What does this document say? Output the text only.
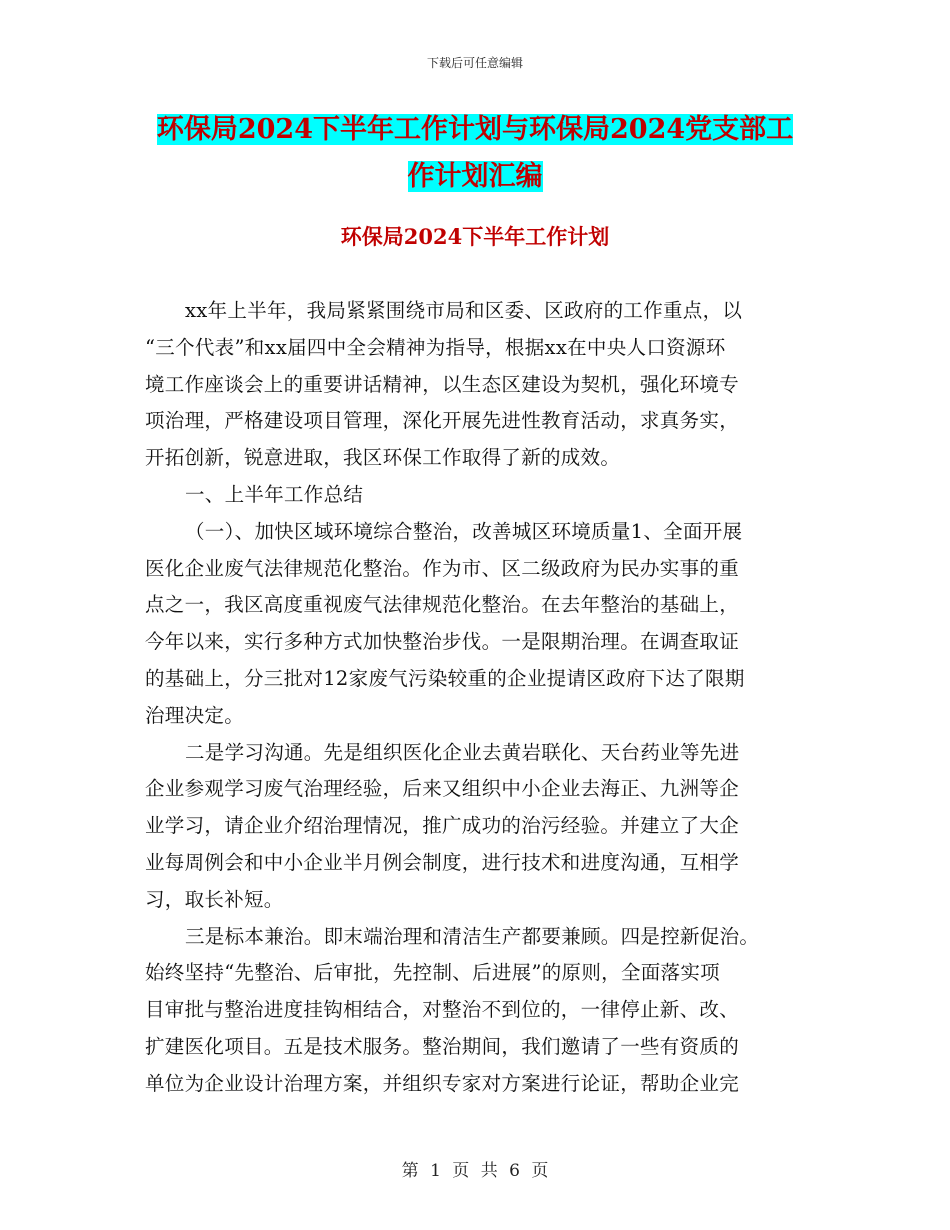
下载后可任意编辑
环保局2024下半年工作计划与环保局2024党支部工
作计划汇编
环保局2024下半年工作计划
xx年上半年，我局紧紧围绕市局和区委、区政府的工作重点，以
“三个代表”和xx届四中全会精神为指导，根据xx在中央人口资源环
境工作座谈会上的重要讲话精神，以生态区建设为契机，强化环境专
项治理，严格建设项目管理，深化开展先进性教育活动，求真务实，
开拓创新，锐意进取，我区环保工作取得了新的成效。
一、上半年工作总结
（一）、加快区域环境综合整治，改善城区环境质量1、全面开展
医化企业废气法律规范化整治。作为市、区二级政府为民办实事的重
点之一，我区高度重视废气法律规范化整治。在去年整治的基础上，
今年以来，实行多种方式加快整治步伐。一是限期治理。在调查取证
的基础上，分三批对12家废气污染较重的企业提请区政府下达了限期
治理决定。
二是学习沟通。先是组织医化企业去黄岩联化、天台药业等先进
企业参观学习废气治理经验，后来又组织中小企业去海正、九洲等企
业学习，请企业介绍治理情况，推广成功的治污经验。并建立了大企
业每周例会和中小企业半月例会制度，进行技术和进度沟通，互相学
习，取长补短。
三是标本兼治。即末端治理和清洁生产都要兼顾。四是控新促治。
始终坚持“先整治、后审批，先控制、后进展”的原则，全面落实项
目审批与整治进度挂钩相结合，对整治不到位的，一律停止新、改、
扩建医化项目。五是技术服务。整治期间，我们邀请了一些有资质的
单位为企业设计治理方案，并组织专家对方案进行论证，帮助企业完
第 1 页 共 6 页
